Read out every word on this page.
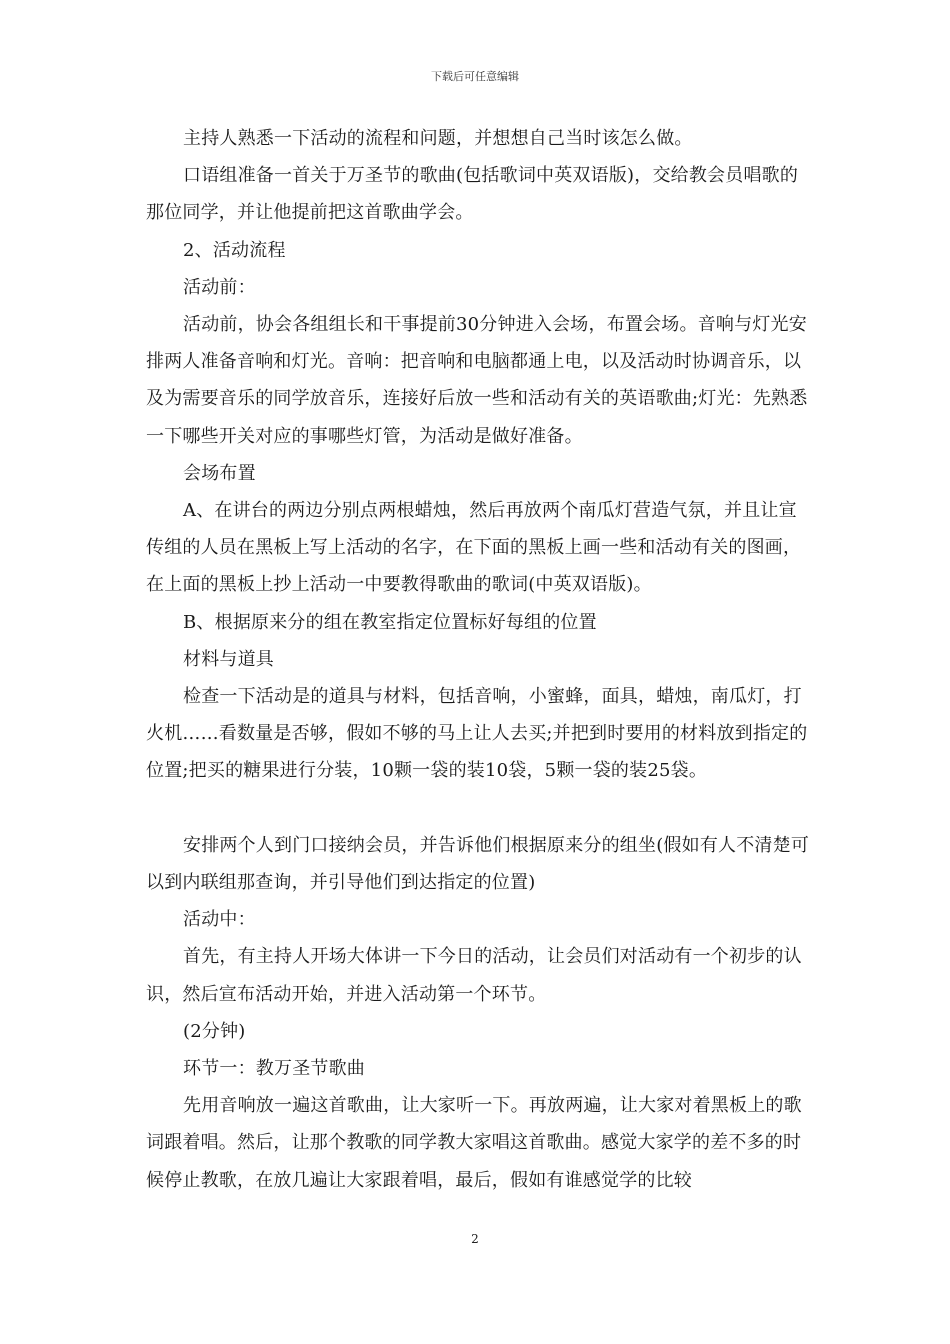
下载后可任意编辑

主持人熟悉一下活动的流程和问题，并想想自己当时该怎么做。

口语组准备一首关于万圣节的歌曲(包括歌词中英双语版)，交给教会员唱歌的那位同学，并让他提前把这首歌曲学会。

2、活动流程

活动前：

活动前，协会各组组长和干事提前30分钟进入会场，布置会场。音响与灯光安排两人准备音响和灯光。音响：把音响和电脑都通上电，以及活动时协调音乐，以及为需要音乐的同学放音乐，连接好后放一些和活动有关的英语歌曲;灯光：先熟悉一下哪些开关对应的事哪些灯管，为活动是做好准备。

会场布置

A、在讲台的两边分别点两根蜡烛，然后再放两个南瓜灯营造气氛，并且让宣传组的人员在黑板上写上活动的名字，在下面的黑板上画一些和活动有关的图画，在上面的黑板上抄上活动一中要教得歌曲的歌词(中英双语版)。

B、根据原来分的组在教室指定位置标好每组的位置

材料与道具

检查一下活动是的道具与材料，包括音响，小蜜蜂，面具，蜡烛，南瓜灯，打火机……看数量是否够，假如不够的马上让人去买;并把到时要用的材料放到指定的位置;把买的糖果进行分装，10颗一袋的装10袋，5颗一袋的装25袋。

安排两个人到门口接纳会员，并告诉他们根据原来分的组坐(假如有人不清楚可以到内联组那查询，并引导他们到达指定的位置)

活动中：

首先，有主持人开场大体讲一下今日的活动，让会员们对活动有一个初步的认识，然后宣布活动开始，并进入活动第一个环节。

(2分钟)

环节一：教万圣节歌曲

先用音响放一遍这首歌曲，让大家听一下。再放两遍，让大家对着黑板上的歌词跟着唱。然后，让那个教歌的同学教大家唱这首歌曲。感觉大家学的差不多的时候停止教歌，在放几遍让大家跟着唱，最后，假如有谁感觉学的比较

2
